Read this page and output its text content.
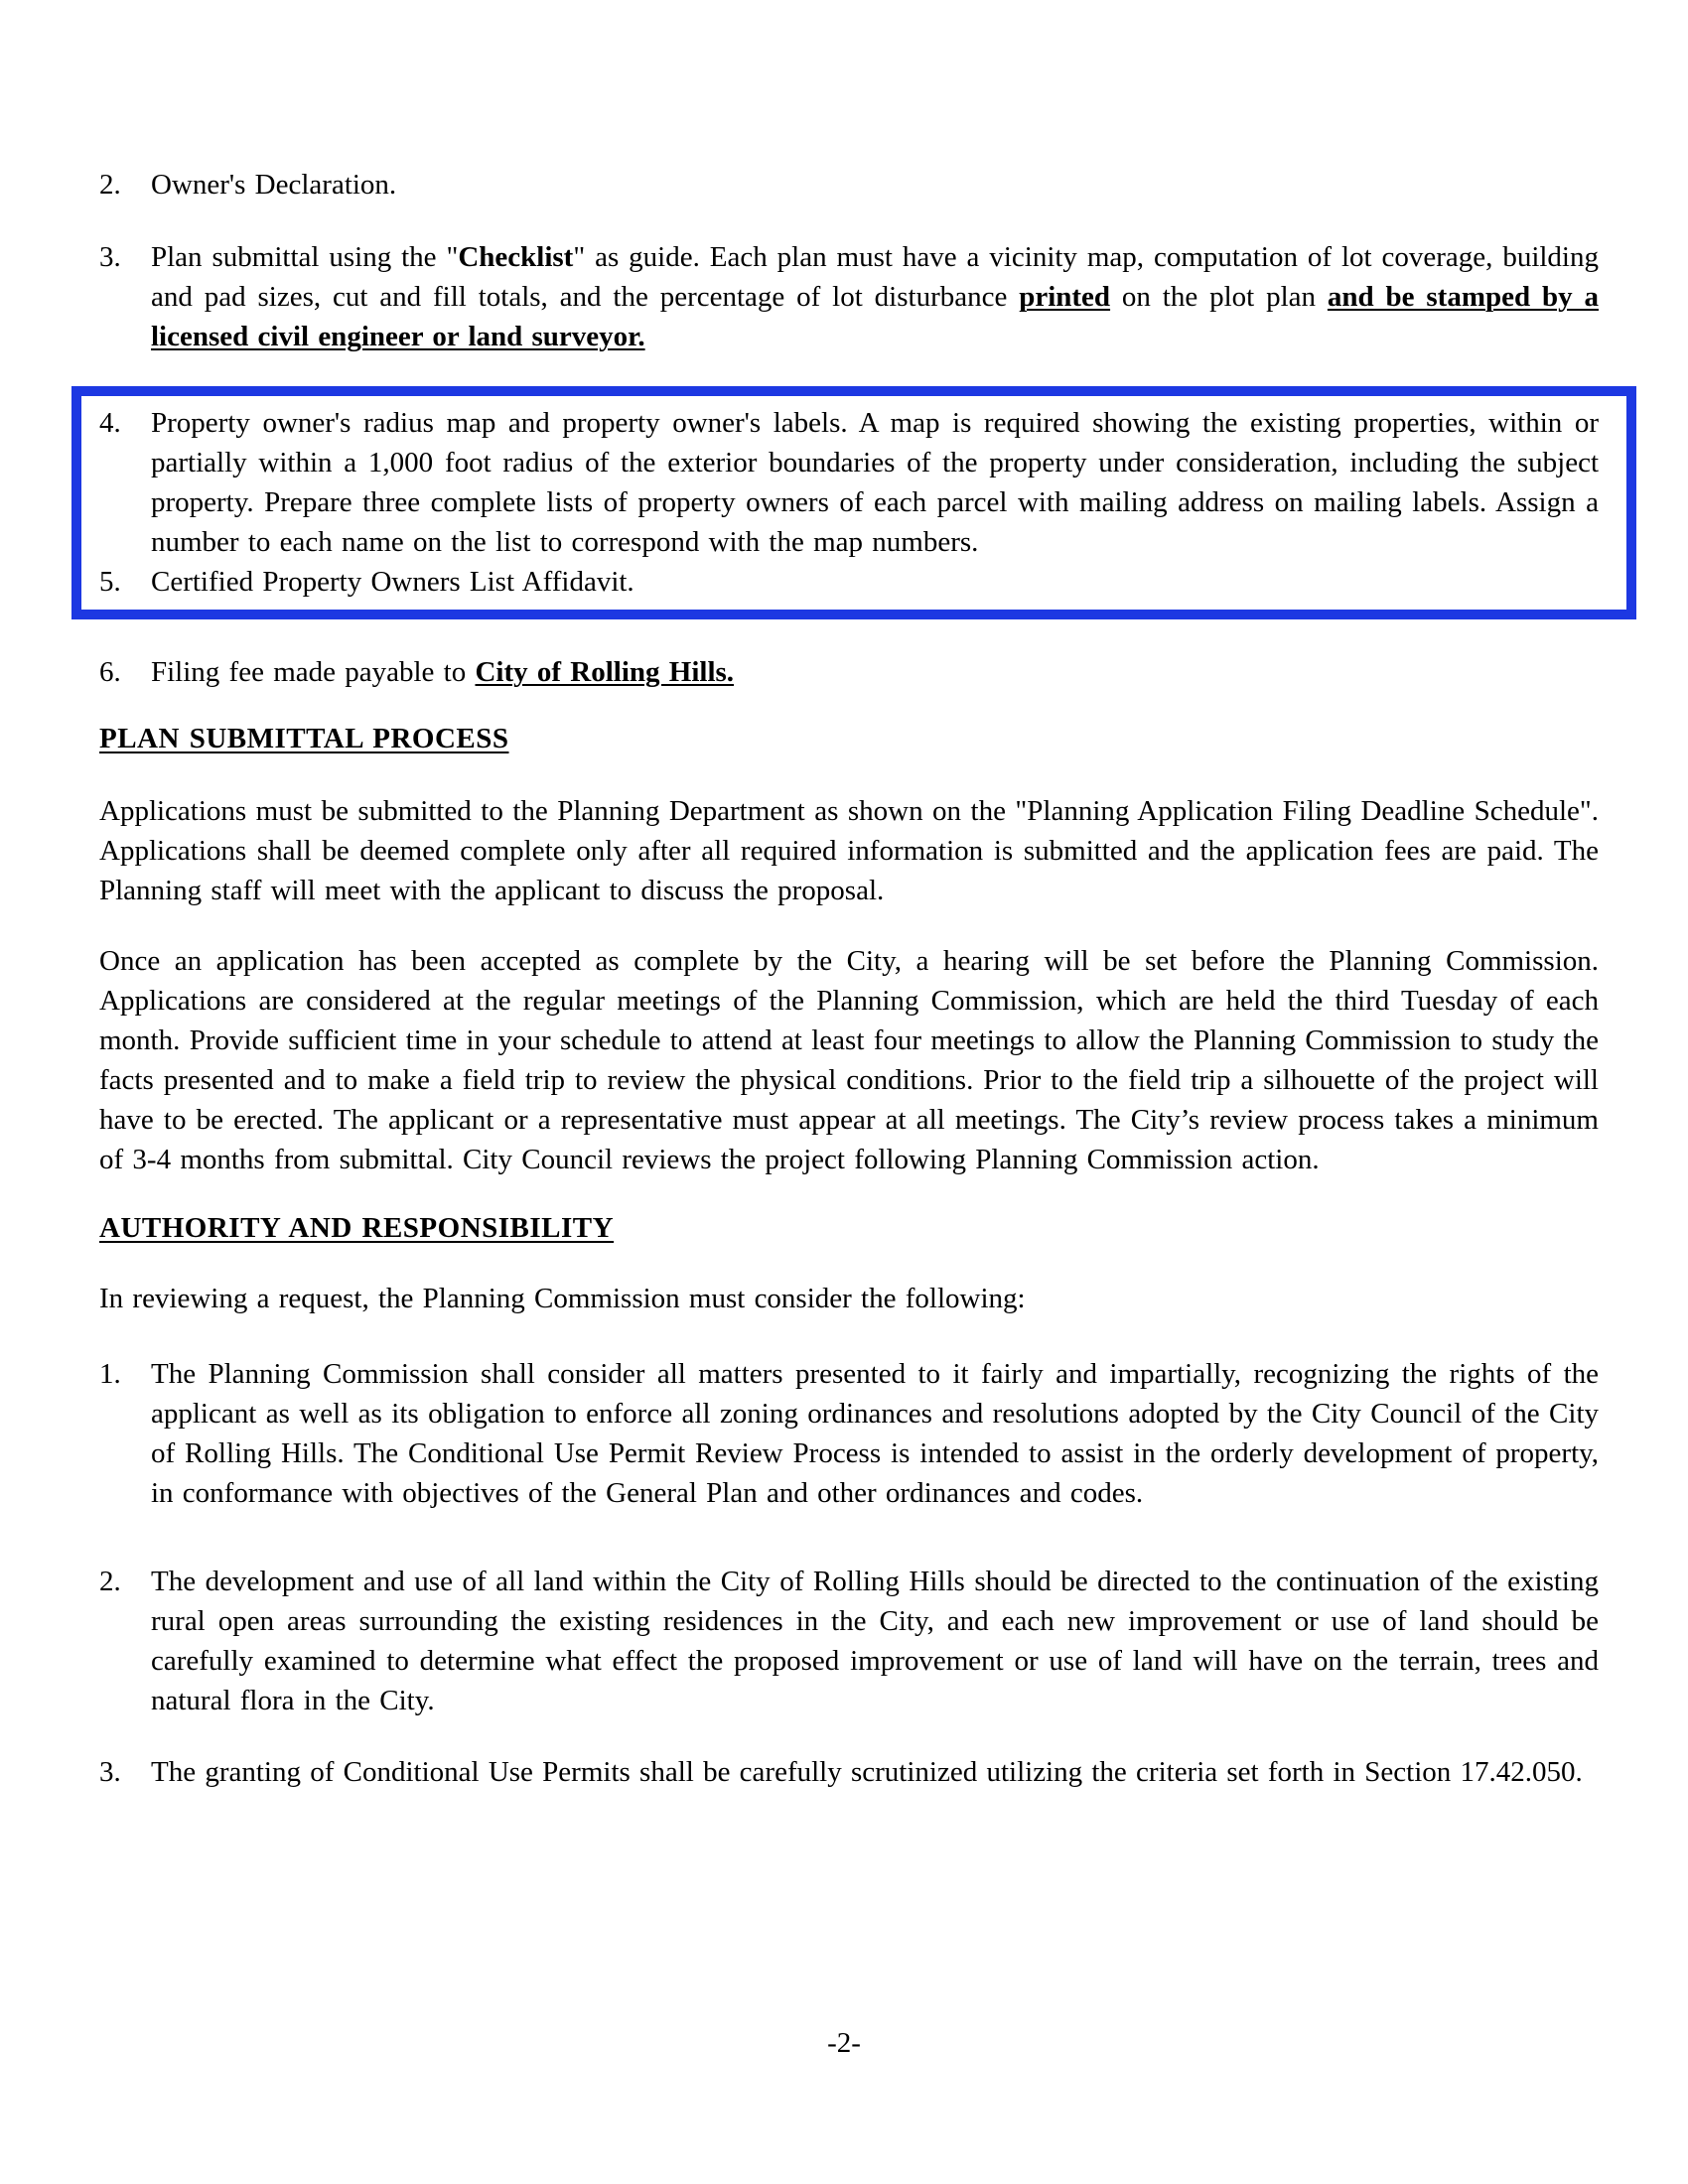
2.	Owner's Declaration.
3.	Plan submittal using the "Checklist" as guide. Each plan must have a vicinity map, computation of lot coverage, building and pad sizes, cut and fill totals, and the percentage of lot disturbance printed on the plot plan and be stamped by a licensed civil engineer or land surveyor.
4.	Property owner's radius map and property owner's labels. A map is required showing the existing properties, within or partially within a 1,000 foot radius of the exterior boundaries of the property under consideration, including the subject property. Prepare three complete lists of property owners of each parcel with mailing address on mailing labels. Assign a number to each name on the list to correspond with the map numbers.
5.	Certified Property Owners List Affidavit.
6.	Filing fee made payable to City of Rolling Hills.
PLAN SUBMITTAL PROCESS

Applications must be submitted to the Planning Department as shown on the "Planning Application Filing Deadline Schedule". Applications shall be deemed complete only after all required information is submitted and the application fees are paid. The Planning staff will meet with the applicant to discuss the proposal.

Once an application has been accepted as complete by the City, a hearing will be set before the Planning Commission. Applications are considered at the regular meetings of the Planning Commission, which are held the third Tuesday of each month. Provide sufficient time in your schedule to attend at least four meetings to allow the Planning Commission to study the facts presented and to make a field trip to review the physical conditions. Prior to the field trip a silhouette of the project will have to be erected. The applicant or a representative must appear at all meetings. The City’s review process takes a minimum of 3-4 months from submittal. City Council reviews the project following Planning Commission action.

AUTHORITY AND RESPONSIBILITY

In reviewing a request, the Planning Commission must consider the following:

1.	The Planning Commission shall consider all matters presented to it fairly and impartially, recognizing the rights of the applicant as well as its obligation to enforce all zoning ordinances and resolutions adopted by the City Council of the City of Rolling Hills. The Conditional Use Permit Review Process is intended to assist in the orderly development of property, in conformance with objectives of the General Plan and other ordinances and codes.
2.	The development and use of all land within the City of Rolling Hills should be directed to the continuation of the existing rural open areas surrounding the existing residences in the City, and each new improvement or use of land should be carefully examined to determine what effect the proposed improvement or use of land will have on the terrain, trees and natural flora in the City.
3.	The granting of Conditional Use Permits shall be carefully scrutinized utilizing the criteria set forth in Section 17.42.050.
-2-
